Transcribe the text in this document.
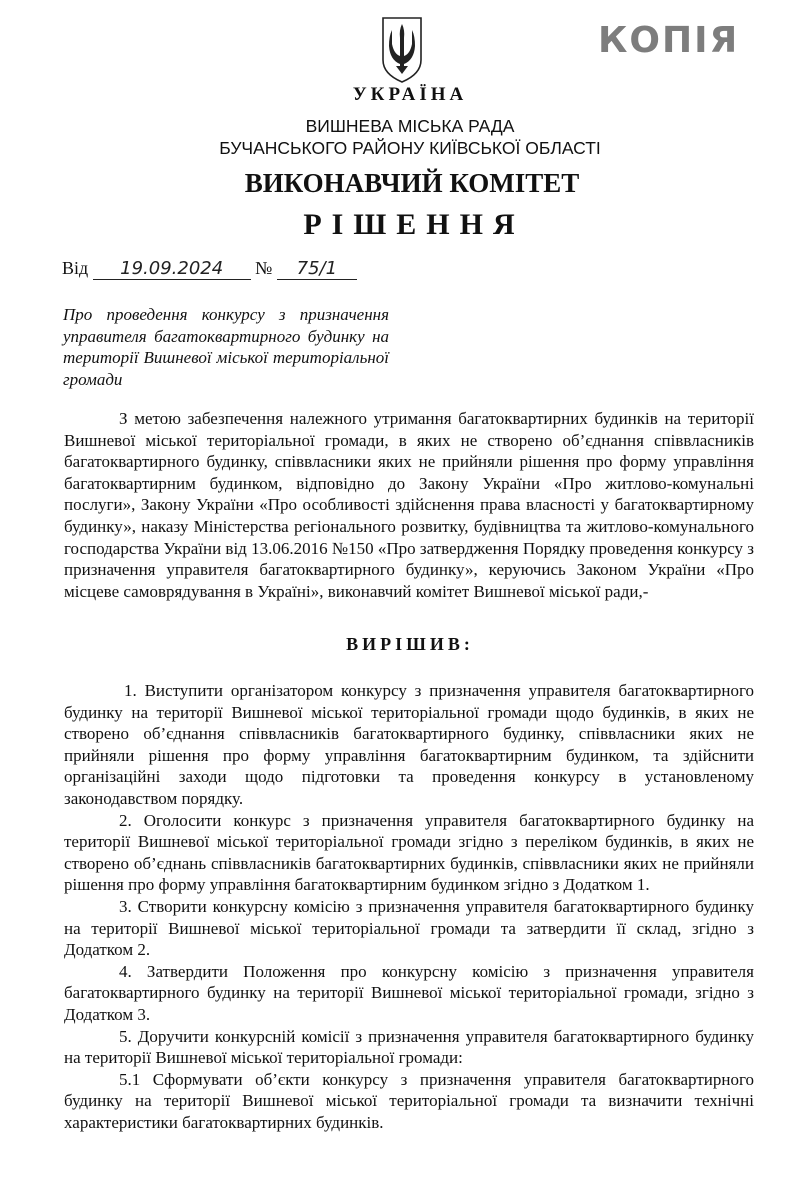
КОПІЯ
УКРАЇНА
ВИШНЕВА МІСЬКА РАДА
БУЧАНСЬКОГО РАЙОНУ КИЇВСЬКОЇ ОБЛАСТІ
ВИКОНАВЧИЙ КОМІТЕТ
РІШЕННЯ
Від 19.09.2024 № 75/1
Про проведення конкурсу з призначення управителя багатоквартирного будинку на території Вишневої міської територіальної громади

З метою забезпечення належного утримання багатоквартирних будинків на території Вишневої міської територіальної громади, в яких не створено об’єднання співвласників багатоквартирного будинку, співвласники яких не прийняли рішення про форму управління багатоквартирним будинком, відповідно до Закону України «Про житлово-комунальні послуги», Закону України «Про особливості здійснення права власності у багатоквартирному будинку», наказу Міністерства регіонального розвитку, будівництва та житлово-комунального господарства України від 13.06.2016 №150 «Про затвердження Порядку проведення конкурсу з призначення управителя багатоквартирного будинку», керуючись Законом України «Про місцеве самоврядування в Україні», виконавчий комітет Вишневої міської ради,-

ВИРІШИВ:

1. Виступити організатором конкурсу з призначення управителя багатоквартирного будинку на території Вишневої міської територіальної громади щодо будинків, в яких не створено об’єднання співвласників багатоквартирного будинку, співвласники яких не прийняли рішення про форму управління багатоквартирним будинком, та здійснити організаційні заходи щодо підготовки та проведення конкурсу в установленому законодавством порядку.

2. Оголосити конкурс з призначення управителя багатоквартирного будинку на території Вишневої міської територіальної громади згідно з переліком будинків, в яких не створено об’єднань співвласників багатоквартирних будинків, співвласники яких не прийняли рішення про форму управління багатоквартирним будинком згідно з Додатком 1.

3. Створити конкурсну комісію з призначення управителя багатоквартирного будинку на території Вишневої міської територіальної громади та затвердити її склад, згідно з Додатком 2.

4. Затвердити Положення про конкурсну комісію з призначення управителя багатоквартирного будинку на території Вишневої міської територіальної громади, згідно з Додатком 3.

5. Доручити конкурсній комісії з призначення управителя багатоквартирного будинку на території Вишневої міської територіальної громади:

5.1 Сформувати об’єкти конкурсу з призначення управителя багатоквартирного будинку на території Вишневої міської територіальної громади та визначити технічні характеристики багатоквартирних будинків.
